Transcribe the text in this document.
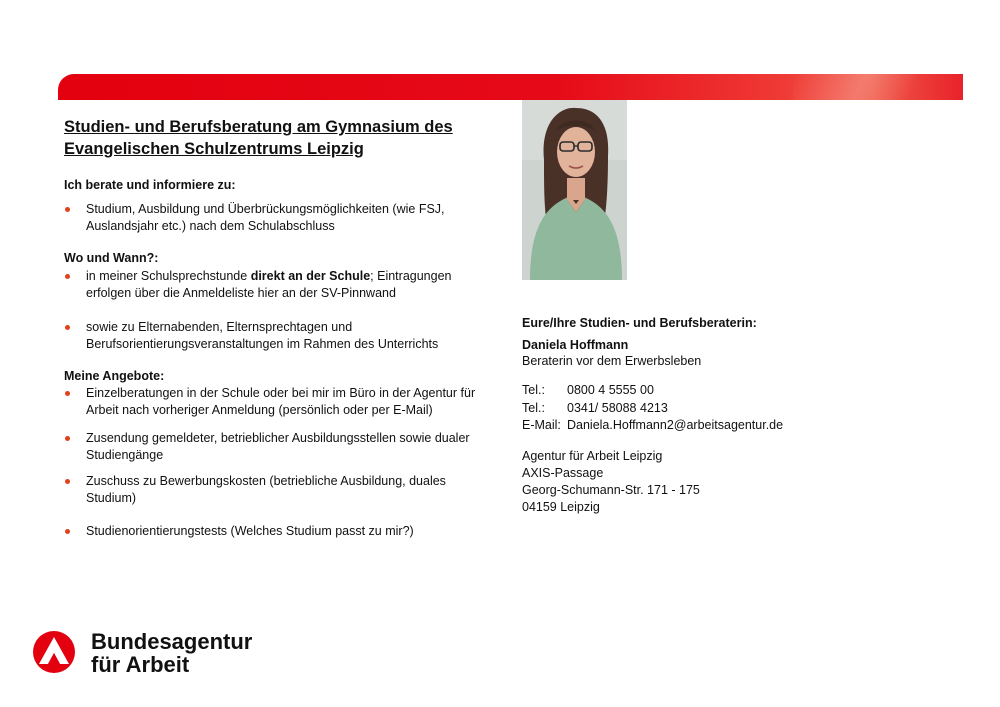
Studien- und Berufsberatung am Gymnasium des
Evangelischen Schulzentrums Leipzig
Ich berate und informiere zu:
Studium, Ausbildung und Überbrückungsmöglichkeiten (wie FSJ,
Auslandsjahr etc.) nach dem Schulabschluss
Wo und Wann?:
in meiner Schulsprechstunde direkt an der Schule; Eintragungen
erfolgen über die Anmeldeliste hier an der SV-Pinnwand
sowie zu Elternabenden, Elternsprechtagen und
Berufsorientierungsveranstaltungen im Rahmen des Unterrichts
Meine Angebote:
Einzelberatungen in der Schule oder bei mir im Büro in der Agentur für
Arbeit nach vorheriger Anmeldung (persönlich oder per E-Mail)
Zusendung gemeldeter, betrieblicher Ausbildungsstellen sowie dualer
Studiengänge
Zuschuss zu Bewerbungskosten (betriebliche Ausbildung, duales
Studium)
Studienorientierungstests (Welches Studium passt zu mir?)
Eure/Ihre Studien- und Berufsberaterin:
Daniela Hoffmann
Beraterin vor dem Erwerbsleben
Tel.: 0800 4 5555 00
Tel.: 0341/ 58088 4213
E-Mail: Daniela.Hoffmann2@arbeitsagentur.de
Agentur für Arbeit Leipzig
AXIS-Passage
Georg-Schumann-Str. 171 - 175
04159 Leipzig
Bundesagentur
für Arbeit
